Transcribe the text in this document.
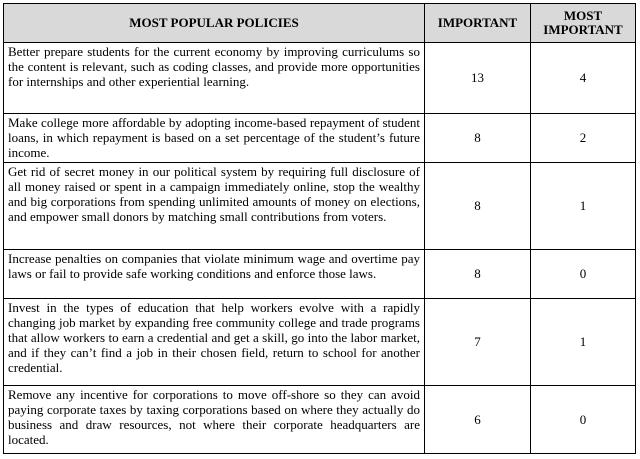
MOST POPULAR POLICIES	IMPORTANT	MOST
IMPORTANT

Better prepare students for the current economy by improving curriculums so the content is relevant, such as coding classes, and provide more opportunities for internships and other experiential learning.	13	4
Make college more affordable by adopting income-based repayment of student loans, in which repayment is based on a set percentage of the student’s future income.	8	2
Get rid of secret money in our political system by requiring full disclosure of all money raised or spent in a campaign immediately online, stop the wealthy and big corporations from spending unlimited amounts of money on elections, and empower small donors by matching small contributions from voters.	8	1
Increase penalties on companies that violate minimum wage and overtime pay laws or fail to provide safe working conditions and enforce those laws.	8	0
Invest in the types of education that help workers evolve with a rapidly changing job market by expanding free community college and trade programs that allow workers to earn a credential and get a skill, go into the labor market, and if they can’t find a job in their chosen field, return to school for another credential.	7	1
Remove any incentive for corporations to move off-shore so they can avoid paying corporate taxes by taxing corporations based on where they actually do business and draw resources, not where their corporate headquarters are located.	6	0
